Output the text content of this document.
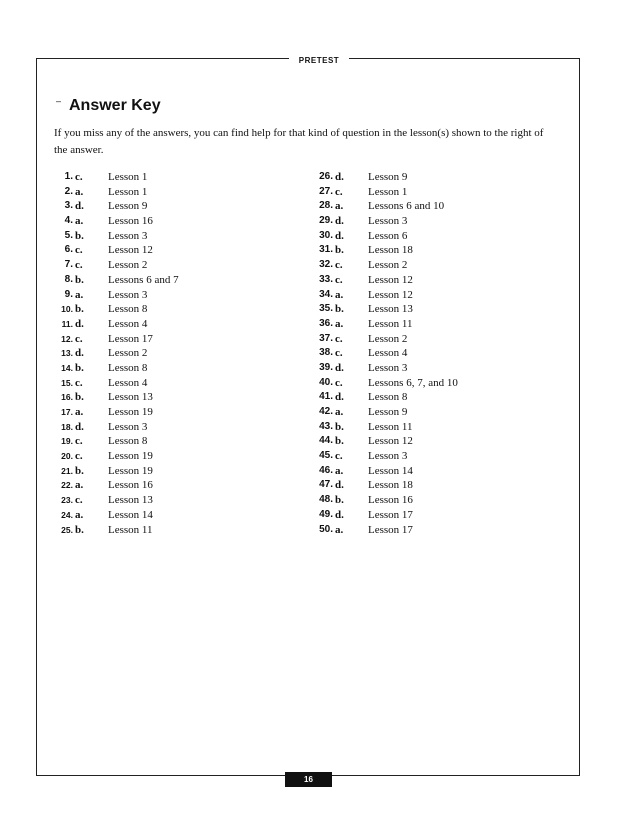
PRETEST
– Answer Key
If you miss any of the answers, you can find help for that kind of question in the lesson(s) shown to the right of the answer.
1. c. Lesson 1
2. a. Lesson 1
3. d. Lesson 9
4. a. Lesson 16
5. b. Lesson 3
6. c. Lesson 12
7. c. Lesson 2
8. b. Lessons 6 and 7
9. a. Lesson 3
10. b. Lesson 8
11. d. Lesson 4
12. c. Lesson 17
13. d. Lesson 2
14. b. Lesson 8
15. c. Lesson 4
16. b. Lesson 13
17. a. Lesson 19
18. d. Lesson 3
19. c. Lesson 8
20. c. Lesson 19
21. b. Lesson 19
22. a. Lesson 16
23. c. Lesson 13
24. a. Lesson 14
25. b. Lesson 11
26. d. Lesson 9
27. c. Lesson 1
28. a. Lessons 6 and 10
29. d. Lesson 3
30. d. Lesson 6
31. b. Lesson 18
32. c. Lesson 2
33. c. Lesson 12
34. a. Lesson 12
35. b. Lesson 13
36. a. Lesson 11
37. c. Lesson 2
38. c. Lesson 4
39. d. Lesson 3
40. c. Lessons 6, 7, and 10
41. d. Lesson 8
42. a. Lesson 9
43. b. Lesson 11
44. b. Lesson 12
45. c. Lesson 3
46. a. Lesson 14
47. d. Lesson 18
48. b. Lesson 16
49. d. Lesson 17
50. a. Lesson 17
16
